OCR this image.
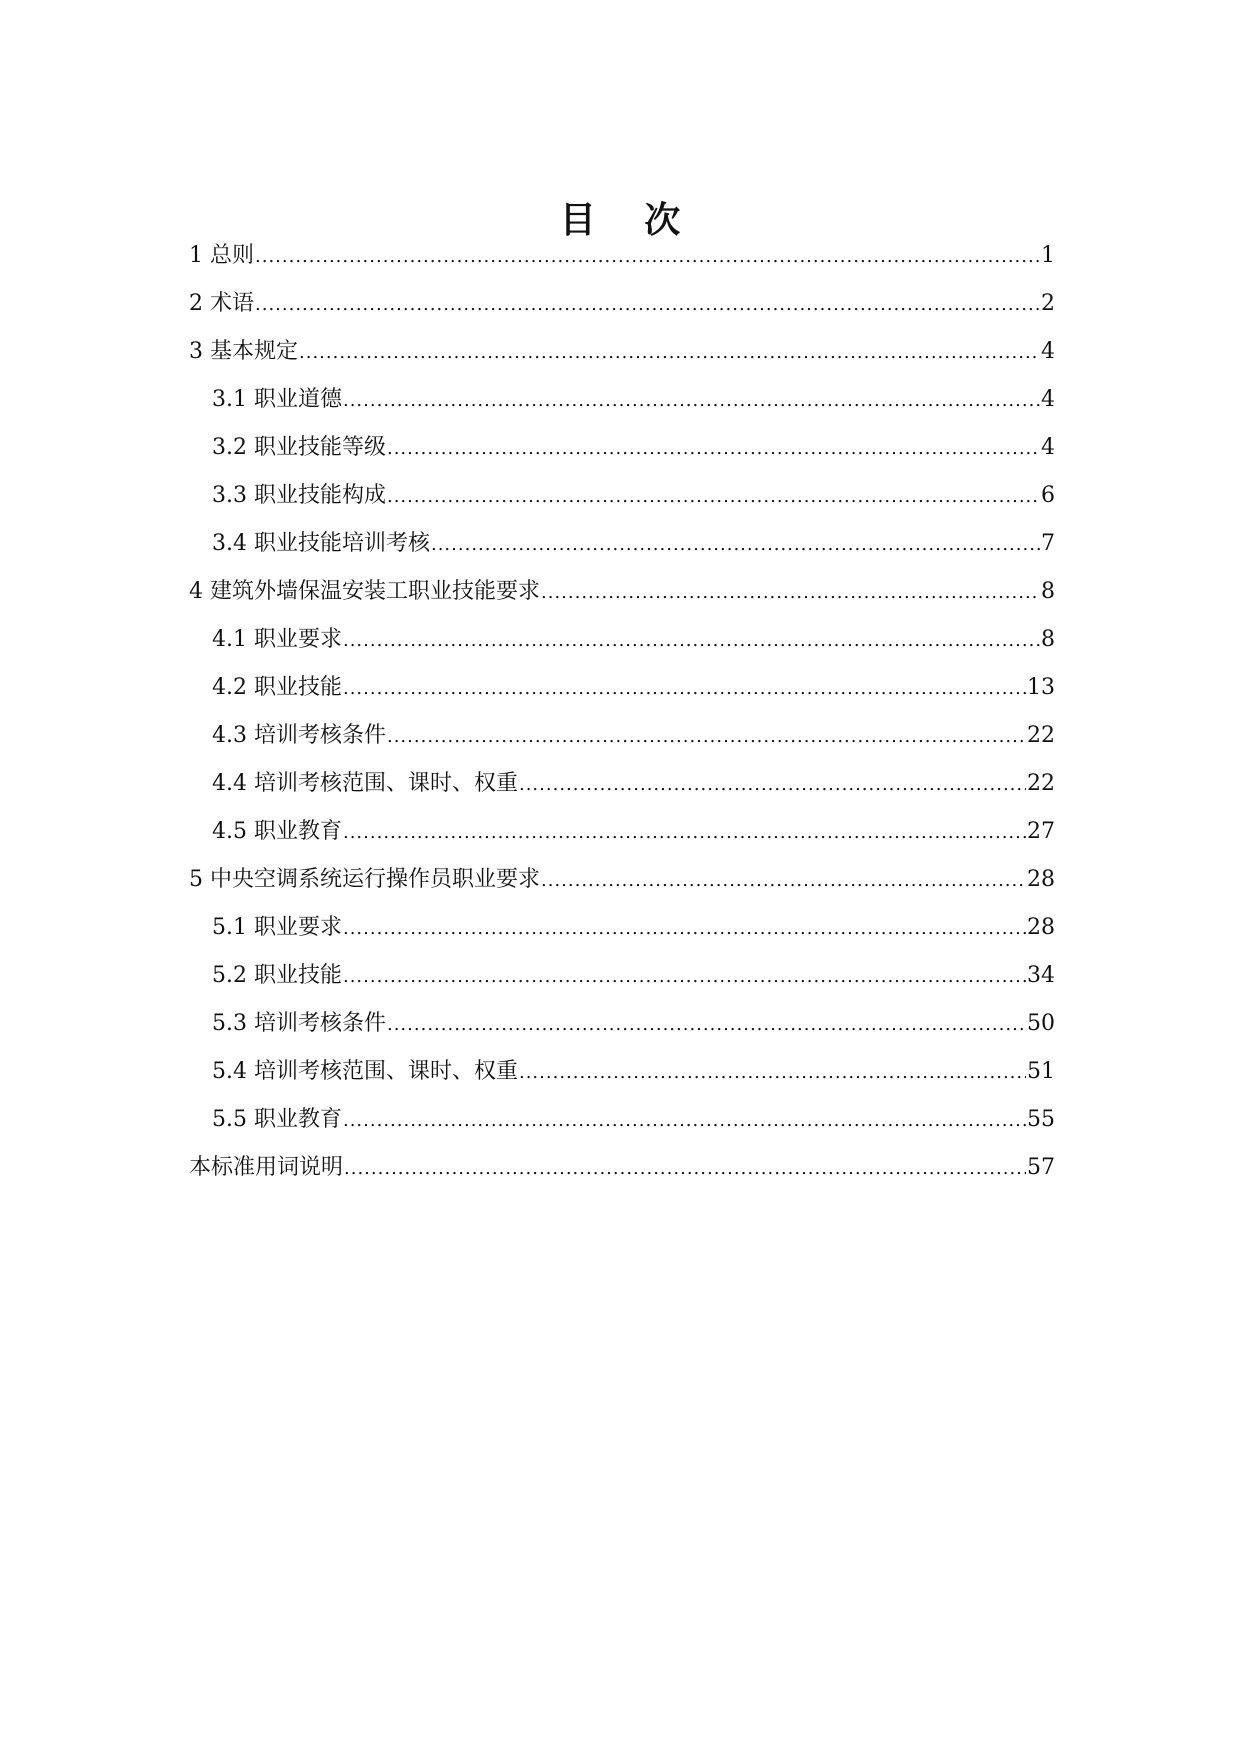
目 次
1 总则 .....	1
2 术语 .....	2
3 基本规定 .....	4
3.1 职业道德 .....	4
3.2 职业技能等级 .....	4
3.3 职业技能构成 .....	6
3.4 职业技能培训考核 .....	7
4 建筑外墙保温安装工职业技能要求 .....	8
4.1 职业要求 .....	8
4.2 职业技能 .....	13
4.3 培训考核条件 .....	22
4.4 培训考核范围、课时、权重 .....	22
4.5 职业教育 .....	27
5 中央空调系统运行操作员职业要求 .....	28
5.1 职业要求 .....	28
5.2 职业技能 .....	34
5.3 培训考核条件 .....	50
5.4 培训考核范围、课时、权重 .....	51
5.5 职业教育 .....	55
本标准用词说明 .....	57
